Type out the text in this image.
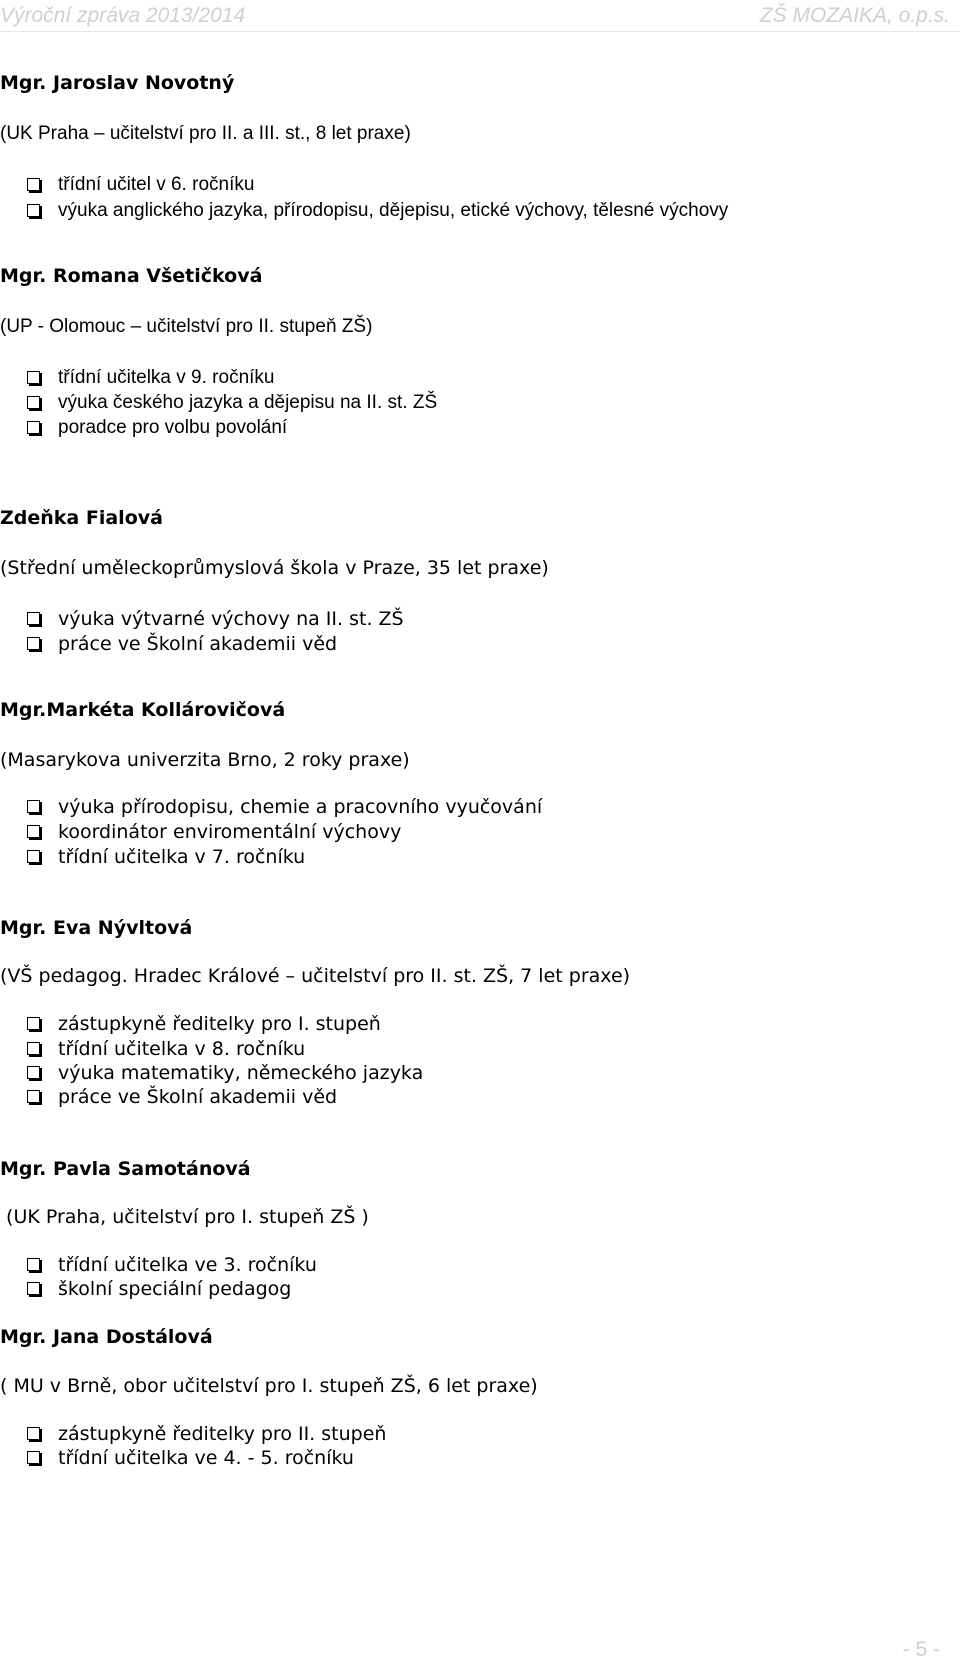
Výroční zpráva 2013/2014	ZŠ MOZAIKA, o.p.s.
Mgr. Jaroslav Novotný
(UK Praha – učitelství pro II. a III. st., 8 let praxe)
třídní učitel v 6. ročníku
výuka anglického jazyka, přírodopisu, dějepisu, etické výchovy, tělesné výchovy
Mgr. Romana Všetičková
(UP - Olomouc – učitelství pro II. stupeň ZŠ)
třídní učitelka v 9. ročníku
výuka českého jazyka a dějepisu na II. st. ZŠ
poradce pro volbu povolání
Zdeňka Fialová
(Střední uměleckoprůmyslová škola v Praze, 35 let praxe)
výuka výtvarné výchovy na II. st. ZŠ
práce ve Školní akademii věd
Mgr.Markéta Kollárovičová
(Masarykova univerzita Brno, 2 roky praxe)
výuka přírodopisu, chemie a pracovního vyučování
koordinátor enviromentální výchovy
třídní učitelka v 7. ročníku
Mgr. Eva Nývltová
(VŠ pedagog. Hradec Králové – učitelství pro II. st. ZŠ, 7 let praxe)
zástupkyně ředitelky pro I. stupeň
třídní učitelka v 8. ročníku
výuka matematiky, německého jazyka
práce ve Školní akademii věd
Mgr. Pavla Samotánová
(UK Praha, učitelství pro I. stupeň ZŠ )
třídní učitelka ve 3. ročníku
školní speciální pedagog
Mgr. Jana Dostálová
( MU v Brně, obor učitelství pro I. stupeň ZŠ, 6 let praxe)
zástupkyně ředitelky pro II. stupeň
třídní učitelka ve 4. - 5. ročníku
- 5 -
